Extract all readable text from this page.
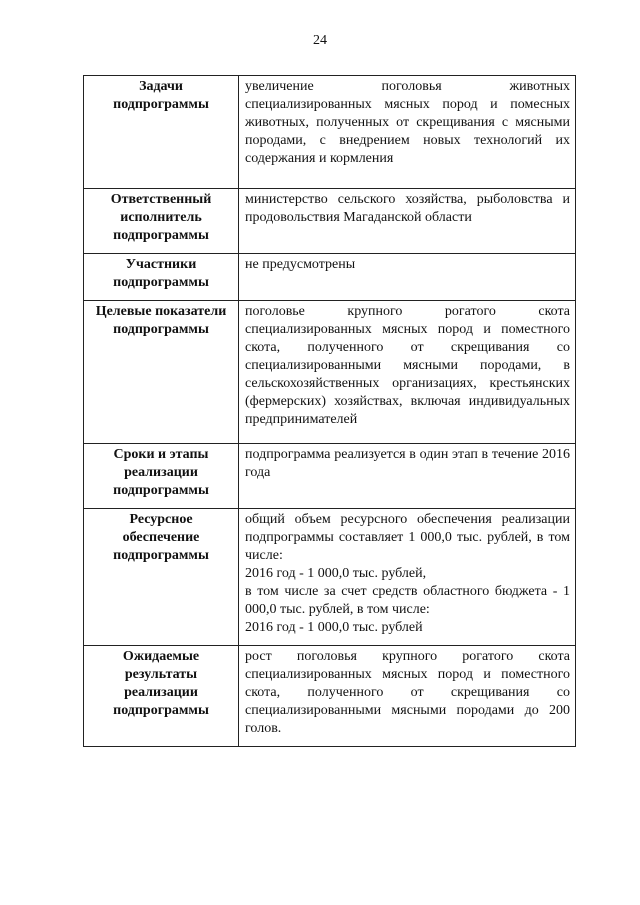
24
Задачи подпрограммы	увеличение поголовья животных специализированных мясных пород и помесных животных, полученных от скрещивания с мясными породами, с внедрением новых технологий их содержания и кормления
Ответственный исполнитель подпрограммы	министерство сельского хозяйства, рыболовства и продовольствия Магаданской области
Участники подпрограммы	не предусмотрены
Целевые показатели подпрограммы	поголовье крупного рогатого скота специализированных мясных пород и поместного скота, полученного от скрещивания со специализированными мясными породами, в сельскохозяйственных организациях, крестьянских (фермерских) хозяйствах, включая индивидуальных предпринимателей
Сроки и этапы реализации подпрограммы	подпрограмма реализуется в один этап в течение 2016 года
Ресурсное обеспечение подпрограммы	общий объем ресурсного обеспечения реализации подпрограммы составляет 1 000,0 тыс. рублей, в том числе:
2016 год - 1 000,0 тыс. рублей,
в том числе за счет средств областного бюджета - 1 000,0 тыс. рублей, в том числе:
2016 год - 1 000,0 тыс. рублей

Ожидаемые результаты реализации подпрограммы	рост поголовья крупного рогатого скота специализированных мясных пород и поместного скота, полученного от скрещивания со специализированными мясными породами до 200 голов.
